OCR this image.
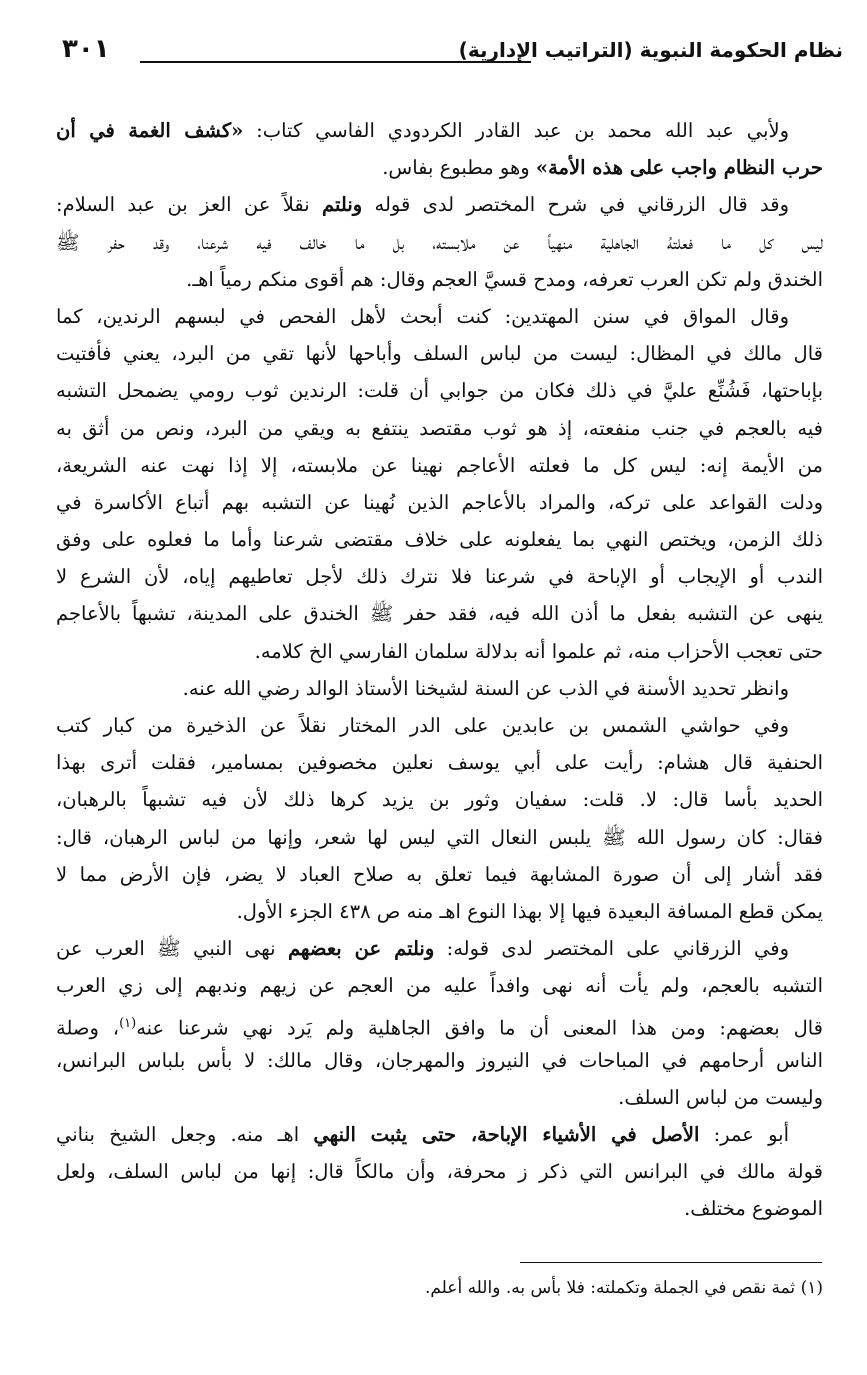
نظام الحكومة النبوية (التراتيب الإدارية)
٣٠١
ولأبي عبد الله محمد بن عبد القادر الكردودي الفاسي كتاب: «كشف الغمة في أن
حرب النظام واجب على هذه الأمة» وهو مطبوع بفاس.
وقد قال الزرقاني في شرح المختصر لدى قوله ونلتم نقلاً عن العز بن عبد السلام:
ليس كل ما فعلتهُ الجاهلية منهياً عن ملابسته، بل ما خالف فيه شرعنا، وقد حفر ﷺ
الخندق ولم تكن العرب تعرفه، ومدح قسيَّ العجم وقال: هم أقوى منكم رمياً اهـ.
وقال المواق في سنن المهتدين: كنت أبحث لأهل الفحص في لبسهم الرندين، كما
قال مالك في المظال: ليست من لباس السلف وأباحها لأنها تقي من البرد، يعني فأفتيت
بإباحتها، فَشُنِّع عليَّ في ذلك فكان من جوابي أن قلت: الرندين ثوب رومي يضمحل التشبه
فيه بالعجم في جنب منفعته، إذ هو ثوب مقتصد ينتفع به ويقي من البرد، ونص من أثق به
من الأيمة إنه: ليس كل ما فعلته الأعاجم نهينا عن ملابسته، إلا إذا نهت عنه الشريعة،
ودلت القواعد على تركه، والمراد بالأعاجم الذين نُهينا عن التشبه بهم أتباع الأكاسرة في
ذلك الزمن، ويختص النهي بما يفعلونه على خلاف مقتضى شرعنا وأما ما فعلوه على وفق
الندب أو الإيجاب أو الإباحة في شرعنا فلا نترك ذلك لأجل تعاطيهم إياه، لأن الشرع لا
ينهى عن التشبه بفعل ما أذن الله فيه، فقد حفر ﷺ الخندق على المدينة، تشبهاً بالأعاجم
حتى تعجب الأحزاب منه، ثم علموا أنه بدلالة سلمان الفارسي الخ كلامه.
وانظر تحديد الأسنة في الذب عن السنة لشيخنا الأستاذ الوالد رضي الله عنه.
وفي حواشي الشمس بن عابدين على الدر المختار نقلاً عن الذخيرة من كبار كتب
الحنفية قال هشام: رأيت على أبي يوسف نعلين مخصوفين بمسامير، فقلت أترى بهذا
الحديد بأسا قال: لا. قلت: سفيان وثور بن يزيد كرها ذلك لأن فيه تشبهاً بالرهبان،
فقال: كان رسول الله ﷺ يلبس النعال التي ليس لها شعر، وإنها من لباس الرهبان، قال:
فقد أشار إلى أن صورة المشابهة فيما تعلق به صلاح العباد لا يضر، فإن الأرض مما لا
يمكن قطع المسافة البعيدة فيها إلا بهذا النوع اهـ منه ص ٤٣٨ الجزء الأول.
وفي الزرقاني على المختصر لدى قوله: ونلتم عن بعضهم نهى النبي ﷺ العرب عن
التشبه بالعجم، ولم يأت أنه نهى وافداً عليه من العجم عن زيهم وندبهم إلى زي العرب
قال بعضهم: ومن هذا المعنى أن ما وافق الجاهلية ولم يَرد نهي شرعنا عنه$^{(١)}$، وصلة
الناس أرحامهم في المباحات في النيروز والمهرجان، وقال مالك: لا بأس بلباس البرانس،
وليست من لباس السلف.
أبو عمر: الأصل في الأشياء الإباحة، حتى يثبت النهي اهـ منه. وجعل الشيخ بناني
قولة مالك في البرانس التي ذكر ز محرفة، وأن مالكاً قال: إنها من لباس السلف، ولعل
الموضوع مختلف.
(١) ثمة نقص في الجملة وتكملته: فلا بأس به. والله أعلم.
